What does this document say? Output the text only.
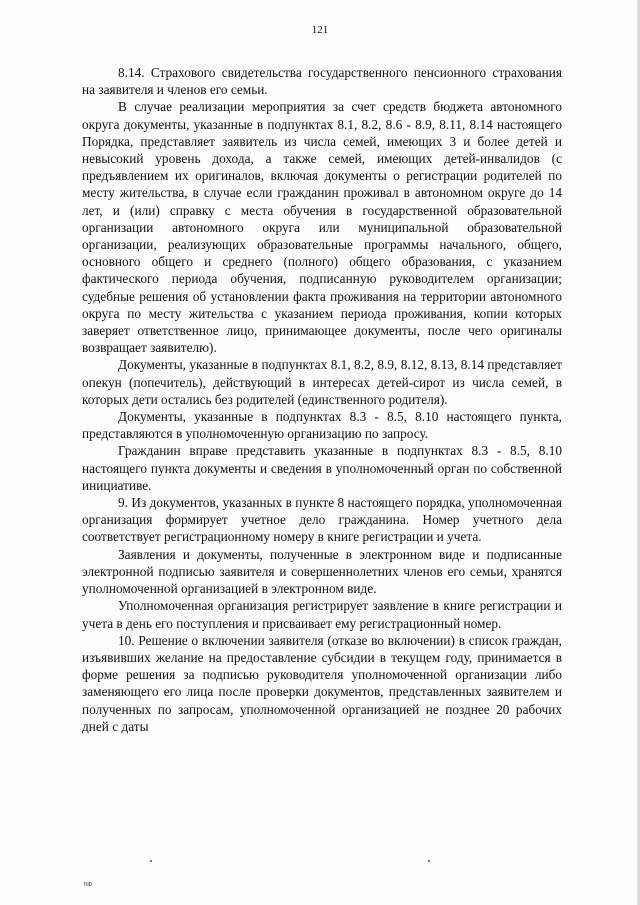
121

8.14. Страхового свидетельства государственного пенсионного страхования на заявителя и членов его семьи.

В случае реализации мероприятия за счет средств бюджета автономного округа документы, указанные в подпунктах 8.1, 8.2, 8.6 - 8.9, 8.11, 8.14 настоящего Порядка, представляет заявитель из числа семей, имеющих 3 и более детей и невысокий уровень дохода, а также семей, имеющих детей-инвалидов (с предъявлением их оригиналов, включая документы о регистрации родителей по месту жительства, в случае если гражданин проживал в автономном округе до 14 лет, и (или) справку с места обучения в государственной образовательной организации автономного округа или муниципальной образовательной организации, реализующих образовательные программы начального, общего, основного общего и среднего (полного) общего образования, с указанием фактического периода обучения, подписанную руководителем организации; судебные решения об установлении факта проживания на территории автономного округа по месту жительства с указанием периода проживания, копии которых заверяет ответственное лицо, принимающее документы, после чего оригиналы возвращает заявителю).

Документы, указанные в подпунктах 8.1, 8.2, 8.9, 8.12, 8.13, 8.14 представляет опекун (попечитель), действующий в интересах детей-сирот из числа семей, в которых дети остались без родителей (единственного родителя).

Документы, указанные в подпунктах 8.3 - 8.5, 8.10 настоящего пункта, представляются в уполномоченную организацию по запросу.

Гражданин вправе представить указанные в подпунктах 8.3 - 8.5, 8.10 настоящего пункта документы и сведения в уполномоченный орган по собственной инициативе.

9. Из документов, указанных в пункте 8 настоящего порядка, уполномоченная организация формирует учетное дело гражданина. Номер учетного дела соответствует регистрационному номеру в книге регистрации и учета.

Заявления и документы, полученные в электронном виде и подписанные электронной подписью заявителя и совершеннолетних членов его семьи, хранятся уполномоченной организацией в электронном виде.

Уполномоченная организация регистрирует заявление в книге регистрации и учета в день его поступления и присваивает ему регистрационный номер.

10. Решение о включении заявителя (отказе во включении) в список граждан, изъявивших желание на предоставление субсидии в текущем году, принимается в форме решения за подписью руководителя уполномоченной организации либо заменяющего его лица после проверки документов, представленных заявителем и полученных по запросам, уполномоченной организацией не позднее 20 рабочих дней с даты

hib
